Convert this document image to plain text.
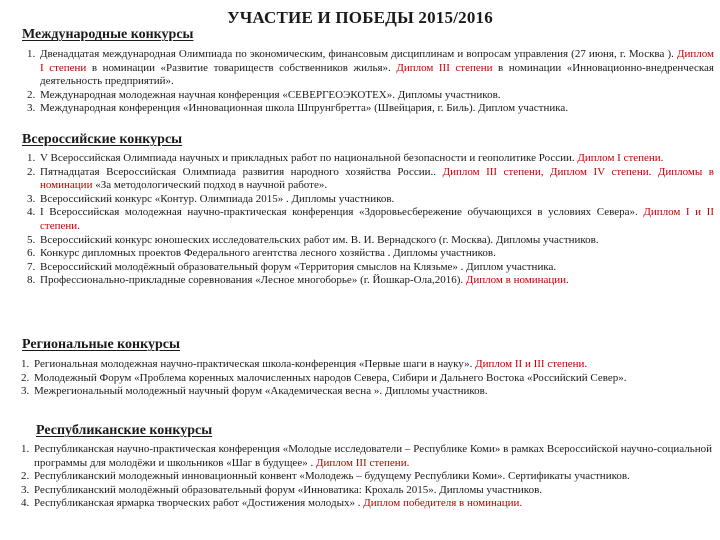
УЧАСТИЕ И ПОБЕДЫ 2015/2016
Международные конкурсы
1. Двенадцатая международная Олимпиада по экономическим, финансовым дисциплинам и вопросам управления (27 июня, г. Москва ). Диплом I степени в номинации «Развитие товариществ собственников жилья». Диплом III степени в номинации «Инновационно-внедренческая деятельность предприятий».
2. Международная молодежная научная конференция «СЕВЕРГЕОЭКОТЕХ». Дипломы участников.
3. Международная конференция «Инновационная школа Шпрунгбретта» (Швейцария, г. Биль). Диплом участника.
Всероссийские конкурсы
1. V Всероссийская Олимпиада научных и прикладных работ по национальной безопасности и геополитике России. Диплом I степени.
2. Пятнадцатая Всероссийская Олимпиада развития народного хозяйства России.. Диплом III степени, Диплом IV степени. Дипломы в номинации «За методологический подход в научной работе».
3. Всероссийский конкурс «Контур. Олимпиада 2015» . Дипломы участников.
4. I Всероссийская молодежная научно-практическая конференция «Здоровьесбережение обучающихся в условиях Севера». Диплом I и II степени.
5. Всероссийский конкурс юношеских исследовательских работ им. В. И. Вернадского (г. Москва). Дипломы участников.
6. Конкурс дипломных проектов Федерального агентства лесного хозяйства . Дипломы участников.
7. Всероссийский молодёжный образовательный форум «Территория смыслов на Клязьме» . Диплом участника.
8. Профессионально-прикладные соревнования «Лесное многоборье» (г. Йошкар-Ола,2016). Диплом в номинации.
Региональные конкурсы
1. Региональная молодежная научно-практическая школа-конференция «Первые шаги в науку». Диплом II и III степени.
2. Молодежный Форум «Проблема коренных малочисленных народов Севера, Сибири и Дальнего Востока «Российский Север».
3. Межрегиональный молодежный научный форум «Академическая весна ». Дипломы участников.
Республиканские конкурсы
1. Республиканская научно-практическая конференция «Молодые исследователи – Республике Коми» в рамках Всероссийской научно-социальной программы для молодёжи и школьников «Шаг в будущее» . Диплом III степени.
2. Республиканский молодежный инновационный конвент «Молодежь – будущему Республики Коми». Сертификаты участников.
3. Республиканский молодёжный образовательный форум «Инноватика: Крохаль 2015». Дипломы участников.
4. Республиканская ярмарка творческих работ «Достижения молодых» . Диплом победителя в номинации.
